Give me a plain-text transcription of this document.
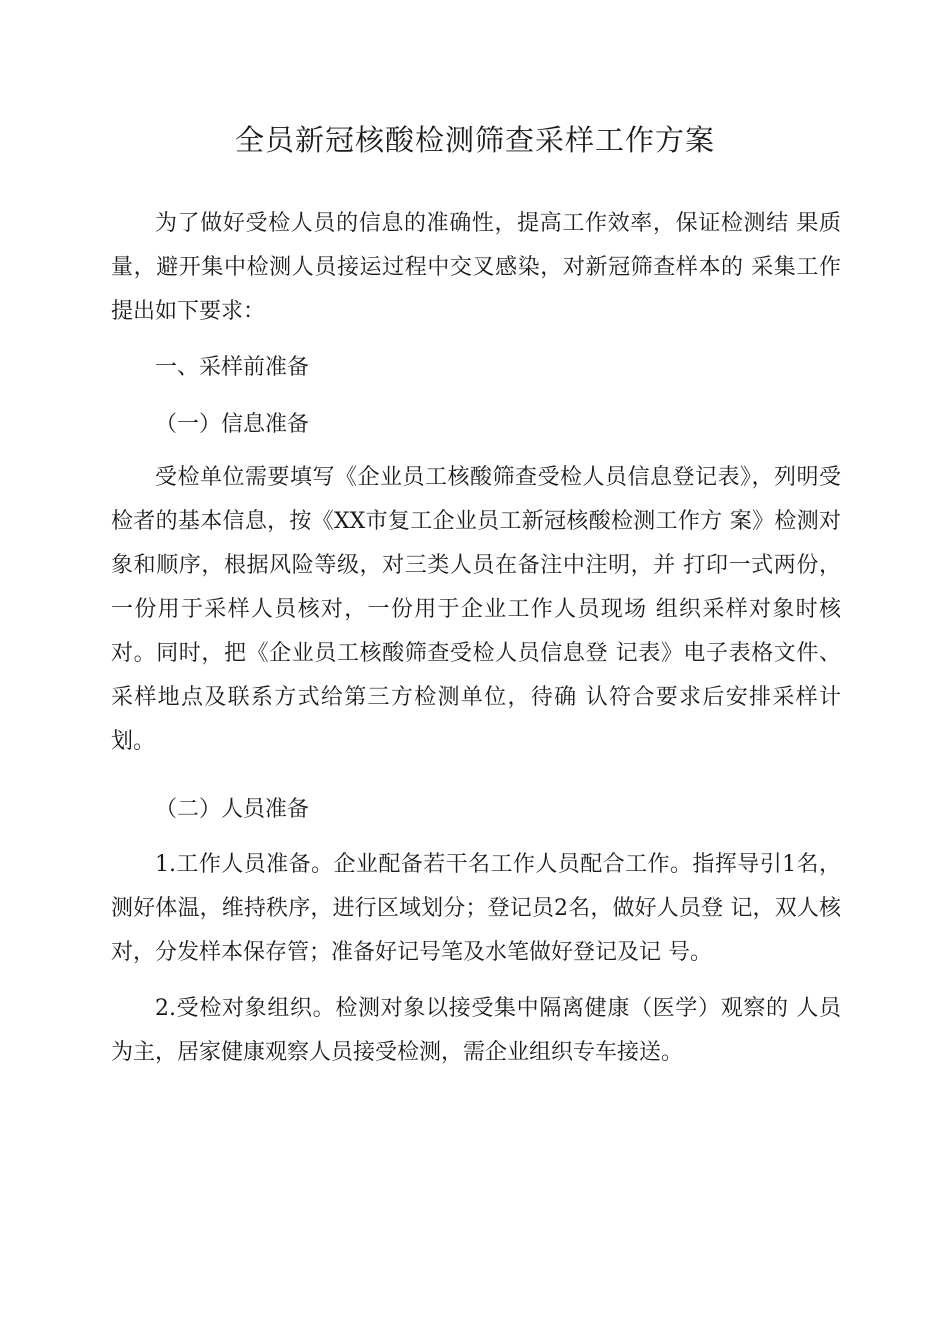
全员新冠核酸检测筛查采样工作方案

为了做好受检人员的信息的准确性，提高工作效率，保证检测结 果质量，避开集中检测人员接运过程中交叉感染，对新冠筛查样本的 采集工作提出如下要求：

一、采样前准备

（一）信息准备

受检单位需要填写《企业员工核酸筛查受检人员信息登记表》，列明受检者的基本信息，按《XX市复工企业员工新冠核酸检测工作方 案》检测对象和顺序，根据风险等级，对三类人员在备注中注明，并 打印一式两份，一份用于采样人员核对，一份用于企业工作人员现场 组织采样对象时核对。同时，把《企业员工核酸筛查受检人员信息登 记表》电子表格文件、采样地点及联系方式给第三方检测单位，待确 认符合要求后安排采样计划。

（二）人员准备

1.工作人员准备。企业配备若干名工作人员配合工作。指挥导引1名，测好体温，维持秩序，进行区域划分；登记员2名，做好人员登 记，双人核对，分发样本保存管；准备好记号笔及水笔做好登记及记 号。

2.受检对象组织。检测对象以接受集中隔离健康（医学）观察的 人员为主，居家健康观察人员接受检测，需企业组织专车接送。
